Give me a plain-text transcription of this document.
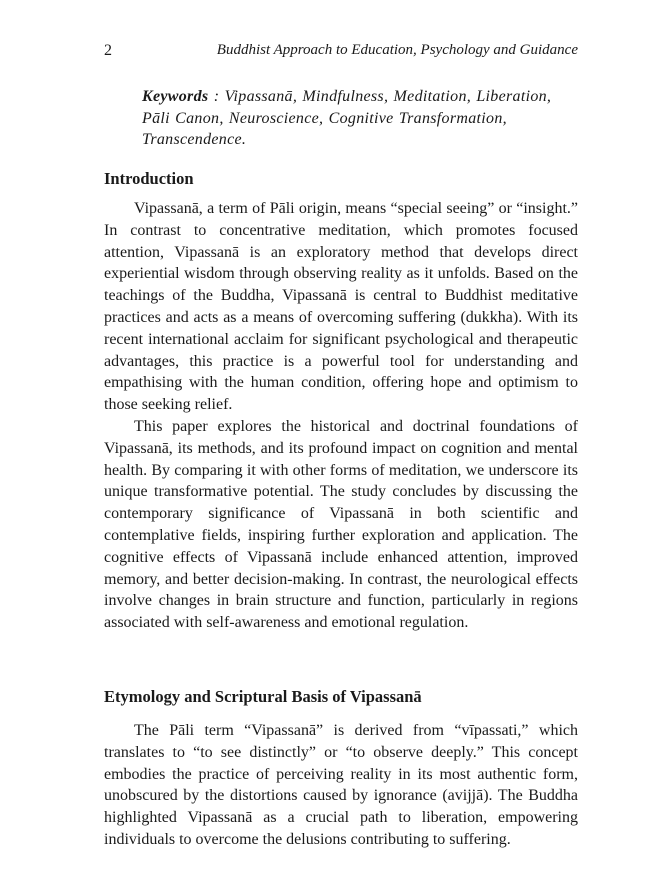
2	Buddhist Approach to Education, Psychology and Guidance
Keywords : Vipassanā, Mindfulness, Meditation, Liberation, Pāli Canon, Neuroscience, Cognitive Transformation, Transcendence.
Introduction

Vipassanā, a term of Pāli origin, means “special seeing” or “insight.” In contrast to concentrative meditation, which promotes focused attention, Vipassanā is an exploratory method that develops direct experiential wisdom through observing reality as it unfolds. Based on the teachings of the Buddha, Vipassanā is central to Buddhist meditative practices and acts as a means of overcoming suffering (dukkha). With its recent international acclaim for significant psychological and therapeutic advantages, this practice is a powerful tool for understanding and empathising with the human condition, offering hope and optimism to those seeking relief.

This paper explores the historical and doctrinal foundations of Vipassanā, its methods, and its profound impact on cognition and mental health. By comparing it with other forms of meditation, we underscore its unique transformative potential. The study concludes by discussing the contemporary significance of Vipassanā in both scientific and contemplative fields, inspiring further exploration and application. The cognitive effects of Vipassanā include enhanced attention, improved memory, and better decision-making. In contrast, the neurological effects involve changes in brain structure and function, particularly in regions associated with self-awareness and emotional regulation.

Etymology and Scriptural Basis of Vipassanā

The Pāli term “Vipassanā” is derived from “vīpassati,” which translates to “to see distinctly” or “to observe deeply.” This concept embodies the practice of perceiving reality in its most authentic form, unobscured by the distortions caused by ignorance (avijjā). The Buddha highlighted Vipassanā as a crucial path to liberation, empowering individuals to overcome the delusions contributing to suffering.
